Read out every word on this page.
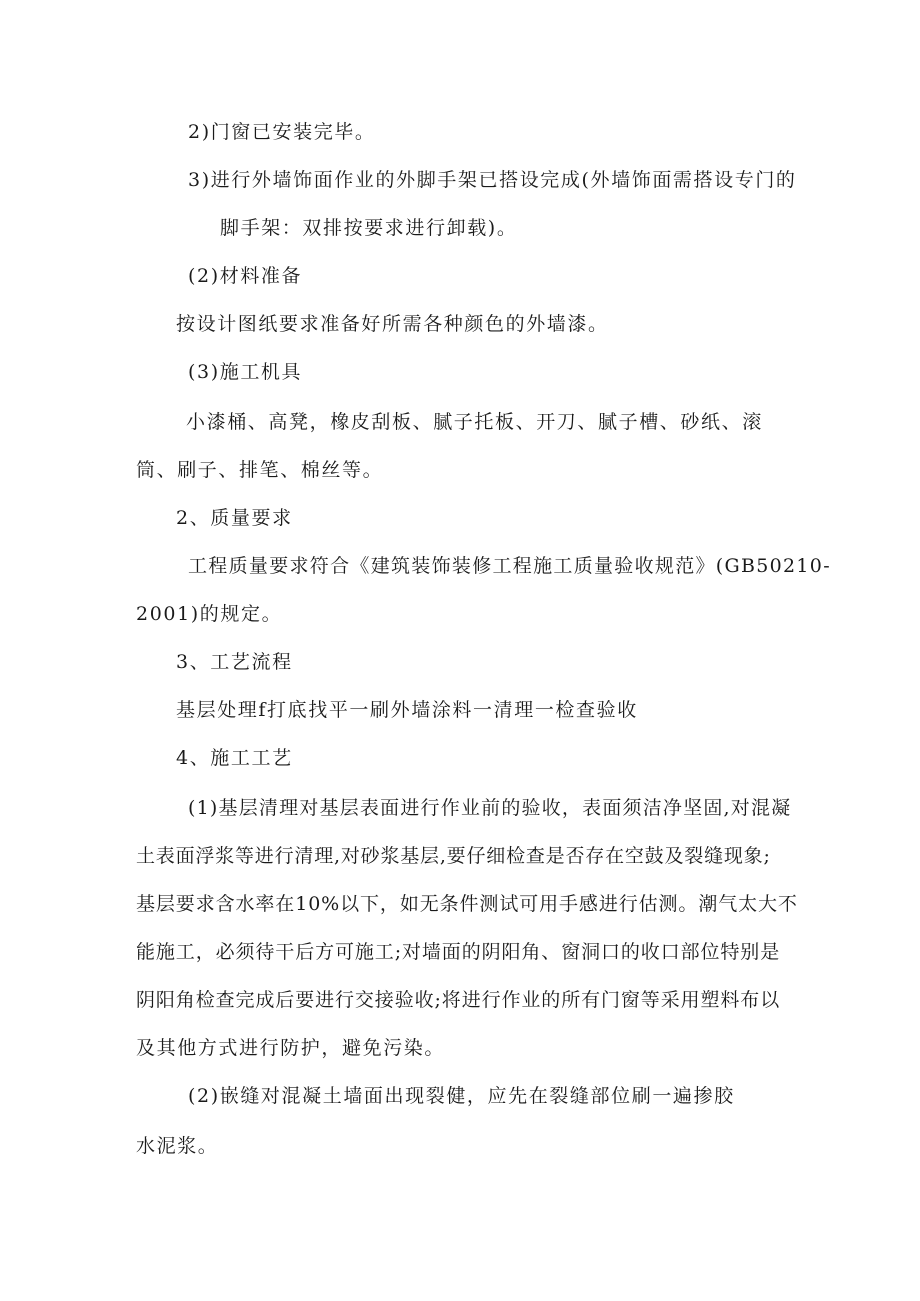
2)门窗已安装完毕。

3)进行外墙饰面作业的外脚手架已搭设完成(外墙饰面需搭设专门的

脚手架：双排按要求进行卸载)。

(2)材料准备

按设计图纸要求准备好所需各种颜色的外墙漆。

(3)施工机具

小漆桶、高凳，橡皮刮板、腻子托板、开刀、腻子槽、砂纸、滚

筒、刷子、排笔、棉丝等。

2、质量要求

工程质量要求符合《建筑装饰装修工程施工质量验收规范》(GB50210-

2001)的规定。

3、工艺流程

基层处理f打底找平一刷外墙涂料一清理一检查验收

4、施工工艺

(1)基层清理对基层表面进行作业前的验收，表面须洁净坚固,对混凝

土表面浮浆等进行清理,对砂浆基层,要仔细检查是否存在空鼓及裂缝现象;

基层要求含水率在10%以下，如无条件测试可用手感进行估测。潮气太大不

能施工，必须待干后方可施工;对墙面的阴阳角、窗洞口的收口部位特别是

阴阳角检查完成后要进行交接验收;将进行作业的所有门窗等采用塑料布以

及其他方式进行防护，避免污染。

(2)嵌缝对混凝土墙面出现裂健，应先在裂缝部位刷一遍掺胶

水泥浆。
